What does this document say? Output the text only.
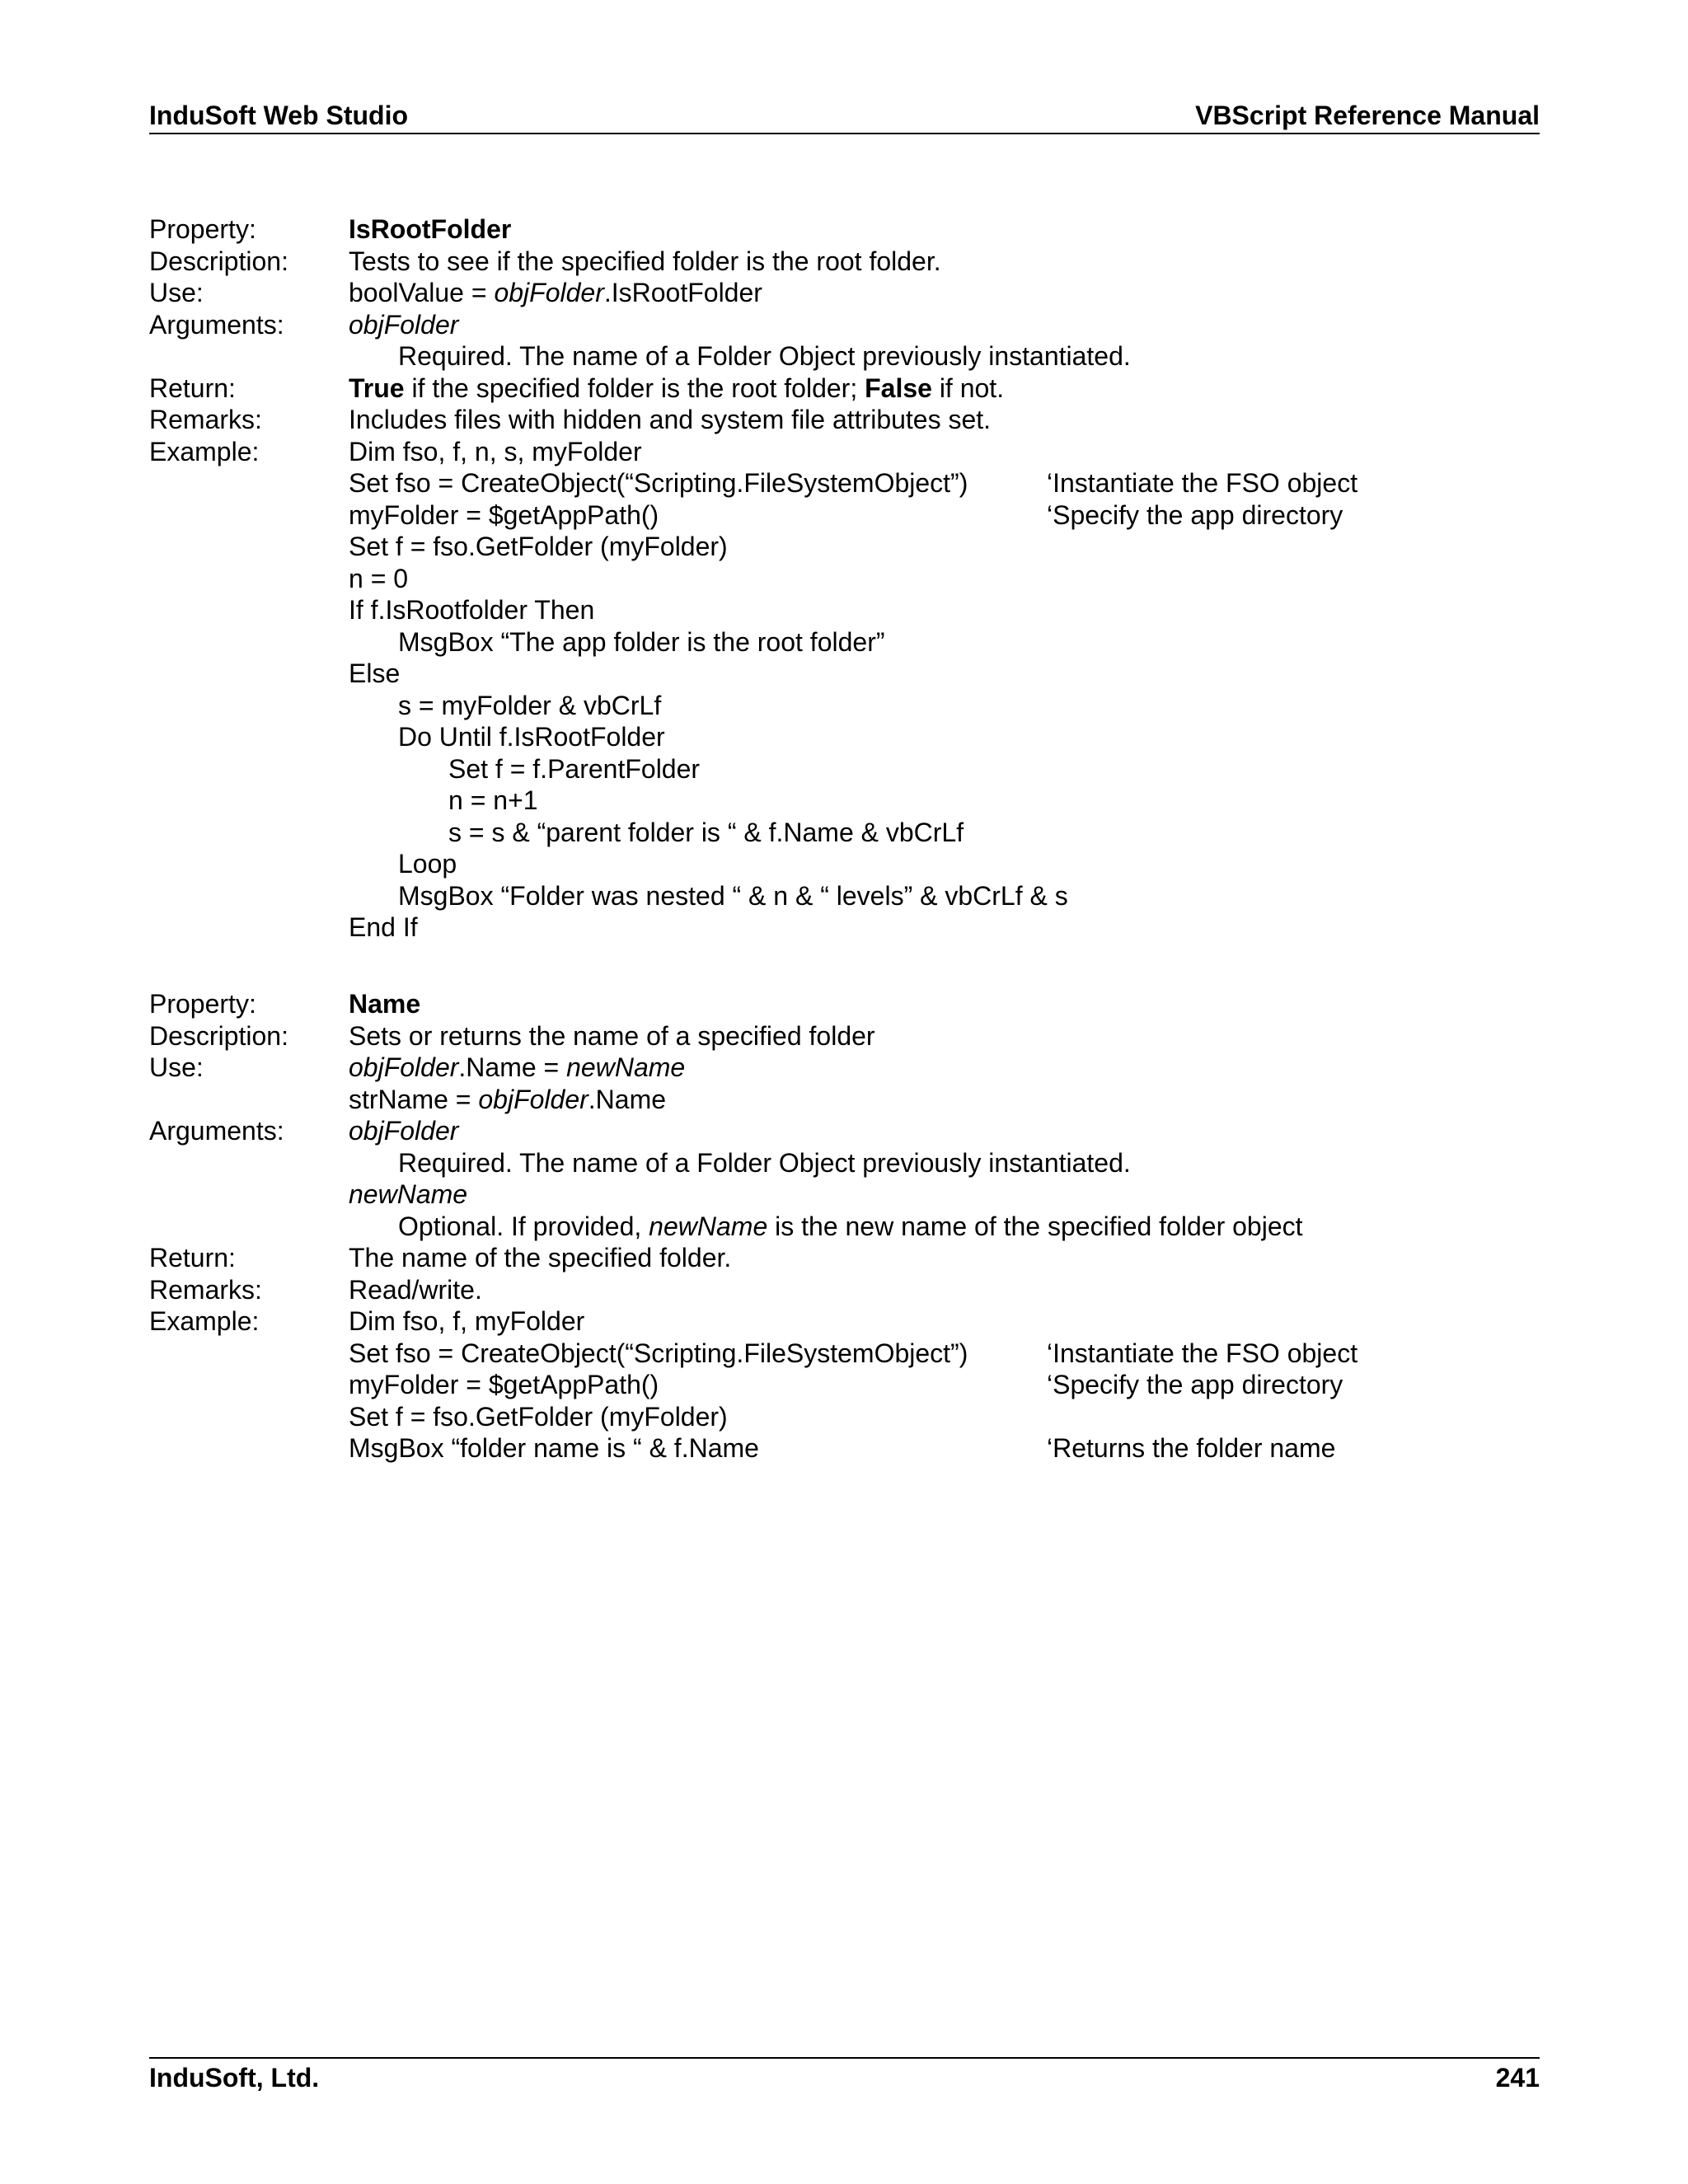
InduSoft Web Studio	VBScript Reference Manual
Property:	IsRootFolder
Description: Tests to see if the specified folder is the root folder.
Use:	boolValue = objFolder.IsRootFolder
Arguments: objFolder
Required. The name of a Folder Object previously instantiated.
Return:	True if the specified folder is the root folder; False if not.
Remarks:	Includes files with hidden and system file attributes set.
Example:	Dim fso, f, n, s, myFolder
Set fso = CreateObject(“Scripting.FileSystemObject”)	‘Instantiate the FSO object
myFolder = $getAppPath()	‘Specify the app directory
Set f = fso.GetFolder (myFolder)
n = 0
If f.IsRootfolder Then
MsgBox “The app folder is the root folder”
Else
s = myFolder & vbCrLf
Do Until f.IsRootFolder
Set f = f.ParentFolder
n = n+1
s = s & “parent folder is “ & f.Name & vbCrLf
Loop
MsgBox “Folder was nested “ & n & “ levels” & vbCrLf & s
End If
Property:	Name
Description: Sets or returns the name of a specified folder
Use:	objFolder.Name = newName
strName = objFolder.Name
Arguments: objFolder
Required. The name of a Folder Object previously instantiated.
newName
Optional. If provided, newName is the new name of the specified folder object
Return:	The name of the specified folder.
Remarks:	Read/write.
Example:	Dim fso, f, myFolder
Set fso = CreateObject(“Scripting.FileSystemObject”)	‘Instantiate the FSO object
myFolder = $getAppPath()	‘Specify the app directory
Set f = fso.GetFolder (myFolder)
MsgBox “folder name is “ & f.Name	‘Returns the folder name
InduSoft, Ltd.	241
